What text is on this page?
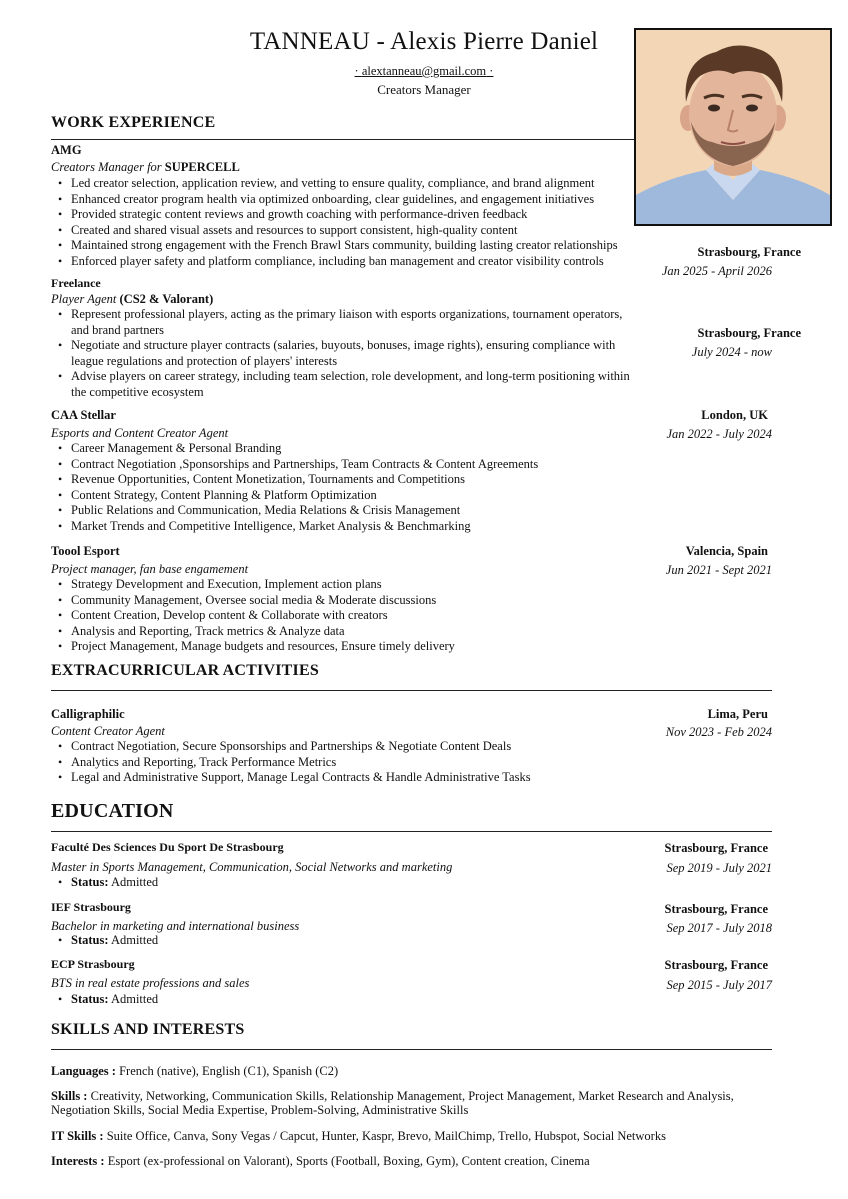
TANNEAU - Alexis Pierre Daniel
· alextanneau@gmail.com ·
Creators Manager
WORK EXPERIENCE
AMG
Creators Manager for SUPERCELL
• Led creator selection, application review, and vetting to ensure quality, compliance, and brand alignment
• Enhanced creator program health via optimized onboarding, clear guidelines, and engagement initiatives
• Provided strategic content reviews and growth coaching with performance-driven feedback
• Created and shared visual assets and resources to support consistent, high-quality content
• Maintained strong engagement with the French Brawl Stars community, building lasting creator relationships
• Enforced player safety and platform compliance, including ban management and creator visibility controls
Strasbourg, France
Jan 2025 - April 2026
Freelance
Player Agent (CS2 & Valorant)
• Represent professional players, acting as the primary liaison with esports organizations, tournament operators, and brand partners
• Negotiate and structure player contracts (salaries, buyouts, bonuses, image rights), ensuring compliance with league regulations and protection of players' interests
• Advise players on career strategy, including team selection, role development, and long-term positioning within the competitive ecosystem
Strasbourg, France
July 2024 - now
CAA Stellar
Esports and Content Creator Agent
• Career Management & Personal Branding
• Contract Negotiation ,Sponsorships and Partnerships, Team Contracts & Content Agreements
• Revenue Opportunities, Content Monetization, Tournaments and Competitions
• Content Strategy, Content Planning & Platform Optimization
• Public Relations and Communication, Media Relations & Crisis Management
• Market Trends and Competitive Intelligence, Market Analysis & Benchmarking
London, UK
Jan 2022 - July 2024
Toool Esport
Project manager, fan base engamement
• Strategy Development and Execution, Implement action plans
• Community Management, Oversee social media & Moderate discussions
• Content Creation, Develop content & Collaborate with creators
• Analysis and Reporting, Track metrics & Analyze data
• Project Management, Manage budgets and resources, Ensure timely delivery
Valencia, Spain
Jun 2021 - Sept 2021
EXTRACURRICULAR ACTIVITIES
Calligraphilic
Content Creator Agent
• Contract Negotiation, Secure Sponsorships and Partnerships & Negotiate Content Deals
• Analytics and Reporting, Track Performance Metrics
• Legal and Administrative Support, Manage Legal Contracts & Handle Administrative Tasks
Lima, Peru
Nov 2023 - Feb 2024
EDUCATION
Faculté Des Sciences Du Sport De Strasbourg
Master in Sports Management, Communication, Social Networks and marketing
• Status: Admitted
Strasbourg, France
Sep 2019 - July 2021
IEF Strasbourg
Bachelor in marketing and international business
• Status: Admitted
Strasbourg, France
Sep 2017 - July 2018
ECP Strasbourg
BTS in real estate professions and sales
• Status: Admitted
Strasbourg, France
Sep 2015 - July 2017
SKILLS AND INTERESTS
Languages : French (native), English (C1), Spanish (C2)
Skills : Creativity, Networking, Communication Skills, Relationship Management, Project Management, Market Research and Analysis, Negotiation Skills, Social Media Expertise, Problem-Solving, Administrative Skills
IT Skills : Suite Office, Canva, Sony Vegas / Capcut, Hunter, Kaspr, Brevo, MailChimp, Trello, Hubspot, Social Networks
Interests : Esport (ex-professional on Valorant), Sports (Football, Boxing, Gym), Content creation, Cinema
